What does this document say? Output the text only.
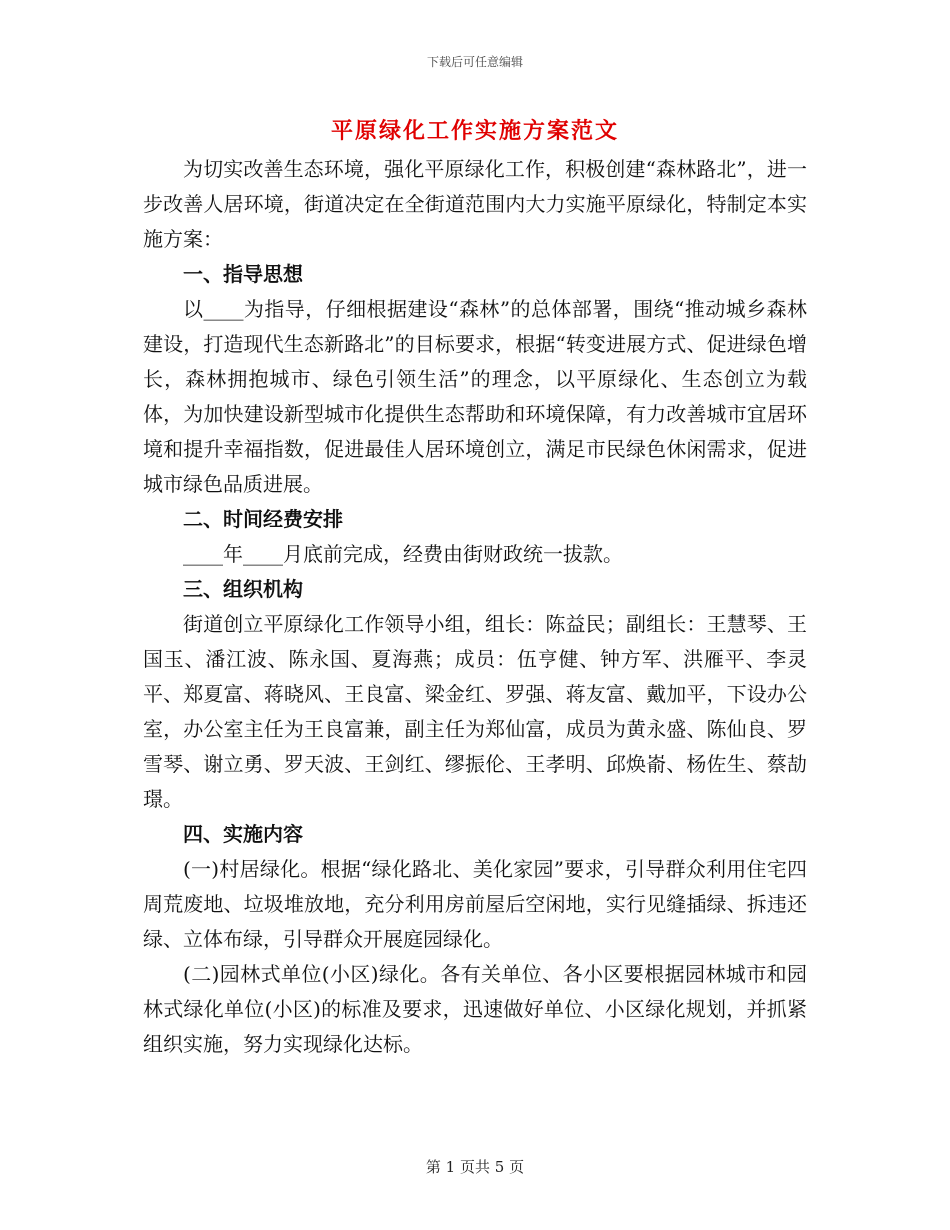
下载后可任意编辑
平原绿化工作实施方案范文

为切实改善生态环境，强化平原绿化工作，积极创建“森林路北”，进一步改善人居环境，街道决定在全街道范围内大力实施平原绿化，特制定本实施方案：

一、指导思想

以____为指导，仔细根据建设“森林”的总体部署，围绕“推动城乡森林建设，打造现代生态新路北”的目标要求，根据“转变进展方式、促进绿色增长，森林拥抱城市、绿色引领生活”的理念，以平原绿化、生态创立为载体，为加快建设新型城市化提供生态帮助和环境保障，有力改善城市宜居环境和提升幸福指数，促进最佳人居环境创立，满足市民绿色休闲需求，促进城市绿色品质进展。

二、时间经费安排

____年____月底前完成，经费由街财政统一拔款。

三、组织机构

街道创立平原绿化工作领导小组，组长：陈益民；副组长：王慧琴、王国玉、潘江波、陈永国、夏海燕；成员：伍亨健、钟方军、洪雁平、李灵平、郑夏富、蒋晓风、王良富、梁金红、罗强、蒋友富、戴加平，下设办公室，办公室主任为王良富兼，副主任为郑仙富，成员为黄永盛、陈仙良、罗雪琴、谢立勇、罗天波、王剑红、缪振伦、王孝明、邱焕嵛、杨佐生、蔡劼璟。

四、实施内容

(一)村居绿化。根据“绿化路北、美化家园”要求，引导群众利用住宅四周荒废地、垃圾堆放地，充分利用房前屋后空闲地，实行见缝插绿、拆违还绿、立体布绿，引导群众开展庭园绿化。

(二)园林式单位(小区)绿化。各有关单位、各小区要根据园林城市和园林式绿化单位(小区)的标准及要求，迅速做好单位、小区绿化规划，并抓紧组织实施，努力实现绿化达标。

第 1 页共 5 页
